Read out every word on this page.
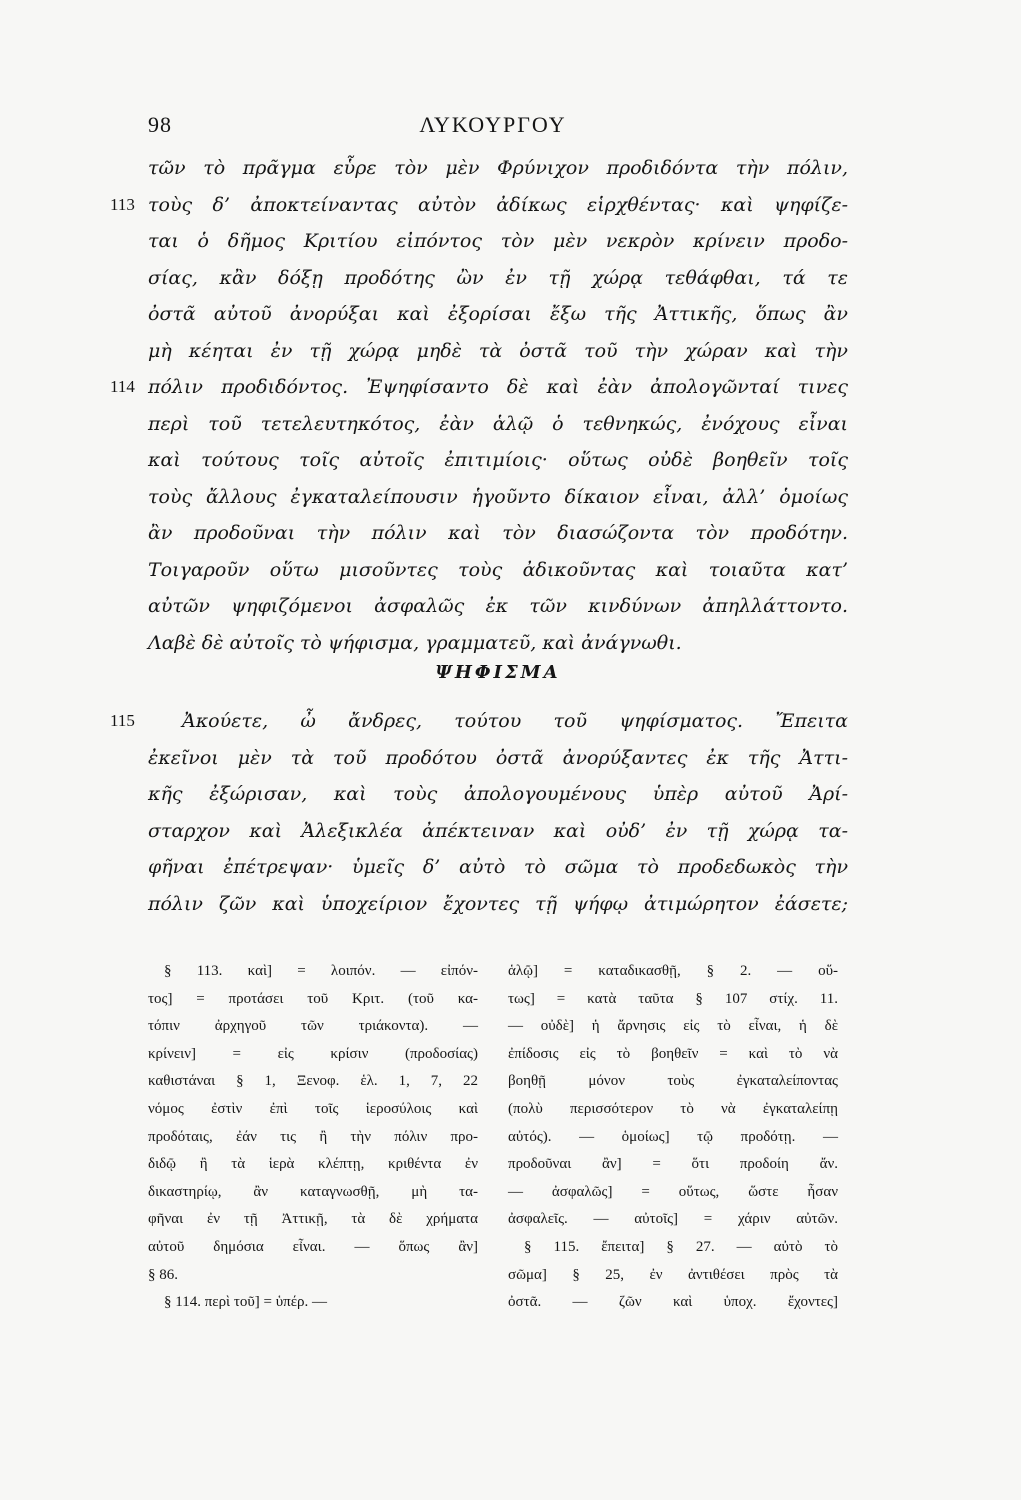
98	ΛΥΚΟΥΡΓΟΥ
τῶν τὸ πρᾶγμα εὗρε τὸν μὲν Φρύνιχον προδιδόντα τὴν πόλιν,
113 τοὺς δ’ ἀποκτείναντας αὐτὸν ἀδίκως εἱρχθέντας· καὶ ψηφίζε-
ται ὁ δῆμος Κριτίου εἰπόντος τὸν μὲν νεκρὸν κρίνειν προδο-
σίας, κἂν δόξῃ προδότης ὢν ἐν τῇ χώρᾳ τεθάφθαι, τά τε
ὀστᾶ αὐτοῦ ἀνορύξαι καὶ ἐξορίσαι ἔξω τῆς Ἀττικῆς, ὅπως ἂν
μὴ κέηται ἐν τῇ χώρᾳ μηδὲ τὰ ὀστᾶ τοῦ τὴν χώραν καὶ τὴν
114 πόλιν προδιδόντος. Ἐψηφίσαντο δὲ καὶ ἐὰν ἀπολογῶνταί τινες
περὶ τοῦ τετελευτηκότος, ἐὰν ἁλῷ ὁ τεθνηκώς, ἐνόχους εἶναι
καὶ τούτους τοῖς αὐτοῖς ἐπιτιμίοις· οὕτως οὐδὲ βοηθεῖν τοῖς
τοὺς ἄλλους ἐγκαταλείπουσιν ἡγοῦντο δίκαιον εἶναι, ἀλλ’ ὁμοίως
ἂν προδοῦναι τὴν πόλιν καὶ τὸν διασώζοντα τὸν προδότην.
Τοιγαροῦν οὕτω μισοῦντες τοὺς ἀδικοῦντας καὶ τοιαῦτα κατ’
αὐτῶν ψηφιζόμενοι ἀσφαλῶς ἐκ τῶν κινδύνων ἀπηλλάττοντο.
Λαβὲ δὲ αὐτοῖς τὸ ψήφισμα, γραμματεῦ, καὶ ἀνάγνωθι.
ΨΗΦΙΣΜΑ
115 Ἀκούετε, ὦ ἄνδρες, τούτου τοῦ ψηφίσματος. Ἔπειτα
ἐκεῖνοι μὲν τὰ τοῦ προδότου ὀστᾶ ἀνορύξαντες ἐκ τῆς Ἀττι-
κῆς ἐξώρισαν, καὶ τοὺς ἀπολογουμένους ὑπὲρ αὐτοῦ Ἀρί-
σταρχον καὶ Ἀλεξικλέα ἀπέκτειναν καὶ οὐδ’ ἐν τῇ χώρᾳ τα-
φῆναι ἐπέτρεψαν· ὑμεῖς δ’ αὐτὸ τὸ σῶμα τὸ προδεδωκὸς τὴν
πόλιν ζῶν καὶ ὑποχείριον ἔχοντες τῇ ψήφῳ ἀτιμώρητον ἐάσετε;
§ 113. καὶ] = λοιπόν. — εἰπόν-
τος] = προτάσει τοῦ Κριτ. (τοῦ κα-
τόπιν ἀρχηγοῦ τῶν τριάκοντα). —
κρίνειν] = εἰς κρίσιν (προδοσίας)
καθιστάναι § 1, Ξενοφ. ἑλ. 1, 7, 22
νόμος ἐστὶν ἐπὶ τοῖς ἱεροσύλοις καὶ
προδόταις, ἐάν τις ἢ τὴν πόλιν προ-
διδῷ ἢ τὰ ἱερὰ κλέπτῃ, κριθέντα ἐν
δικαστηρίῳ, ἂν καταγνωσθῇ, μὴ τα-
φῆναι ἐν τῇ Ἀττικῇ, τὰ δὲ χρήματα
αὐτοῦ δημόσια εἶναι. — ὅπως ἂν]
§ 86.
§ 114. περὶ τοῦ] = ὑπέρ. —
ἁλῷ] = καταδικασθῇ, § 2. — οὕ-
τως] = κατὰ ταῦτα § 107 στίχ. 11.
— οὐδὲ] ἡ ἄρνησις εἰς τὸ εἶναι, ἡ δὲ
ἐπίδοσις εἰς τὸ βοηθεῖν = καὶ τὸ νὰ
βοηθῇ μόνον τοὺς ἐγκαταλείποντας
(πολὺ περισσότερον τὸ νὰ ἐγκαταλείπῃ
αὐτός). — ὁμοίως] τῷ προδότῃ. —
προδοῦναι ἂν] = ὅτι προδοίη ἄν.
— ἀσφαλῶς] = οὕτως, ὥστε ἦσαν
ἀσφαλεῖς. — αὐτοῖς] = χάριν αὐτῶν.
§ 115. ἔπειτα] § 27. — αὐτὸ τὸ
σῶμα] § 25, ἐν ἀντιθέσει πρὸς τὰ
ὀστᾶ. — ζῶν καὶ ὑποχ. ἔχοντες]
